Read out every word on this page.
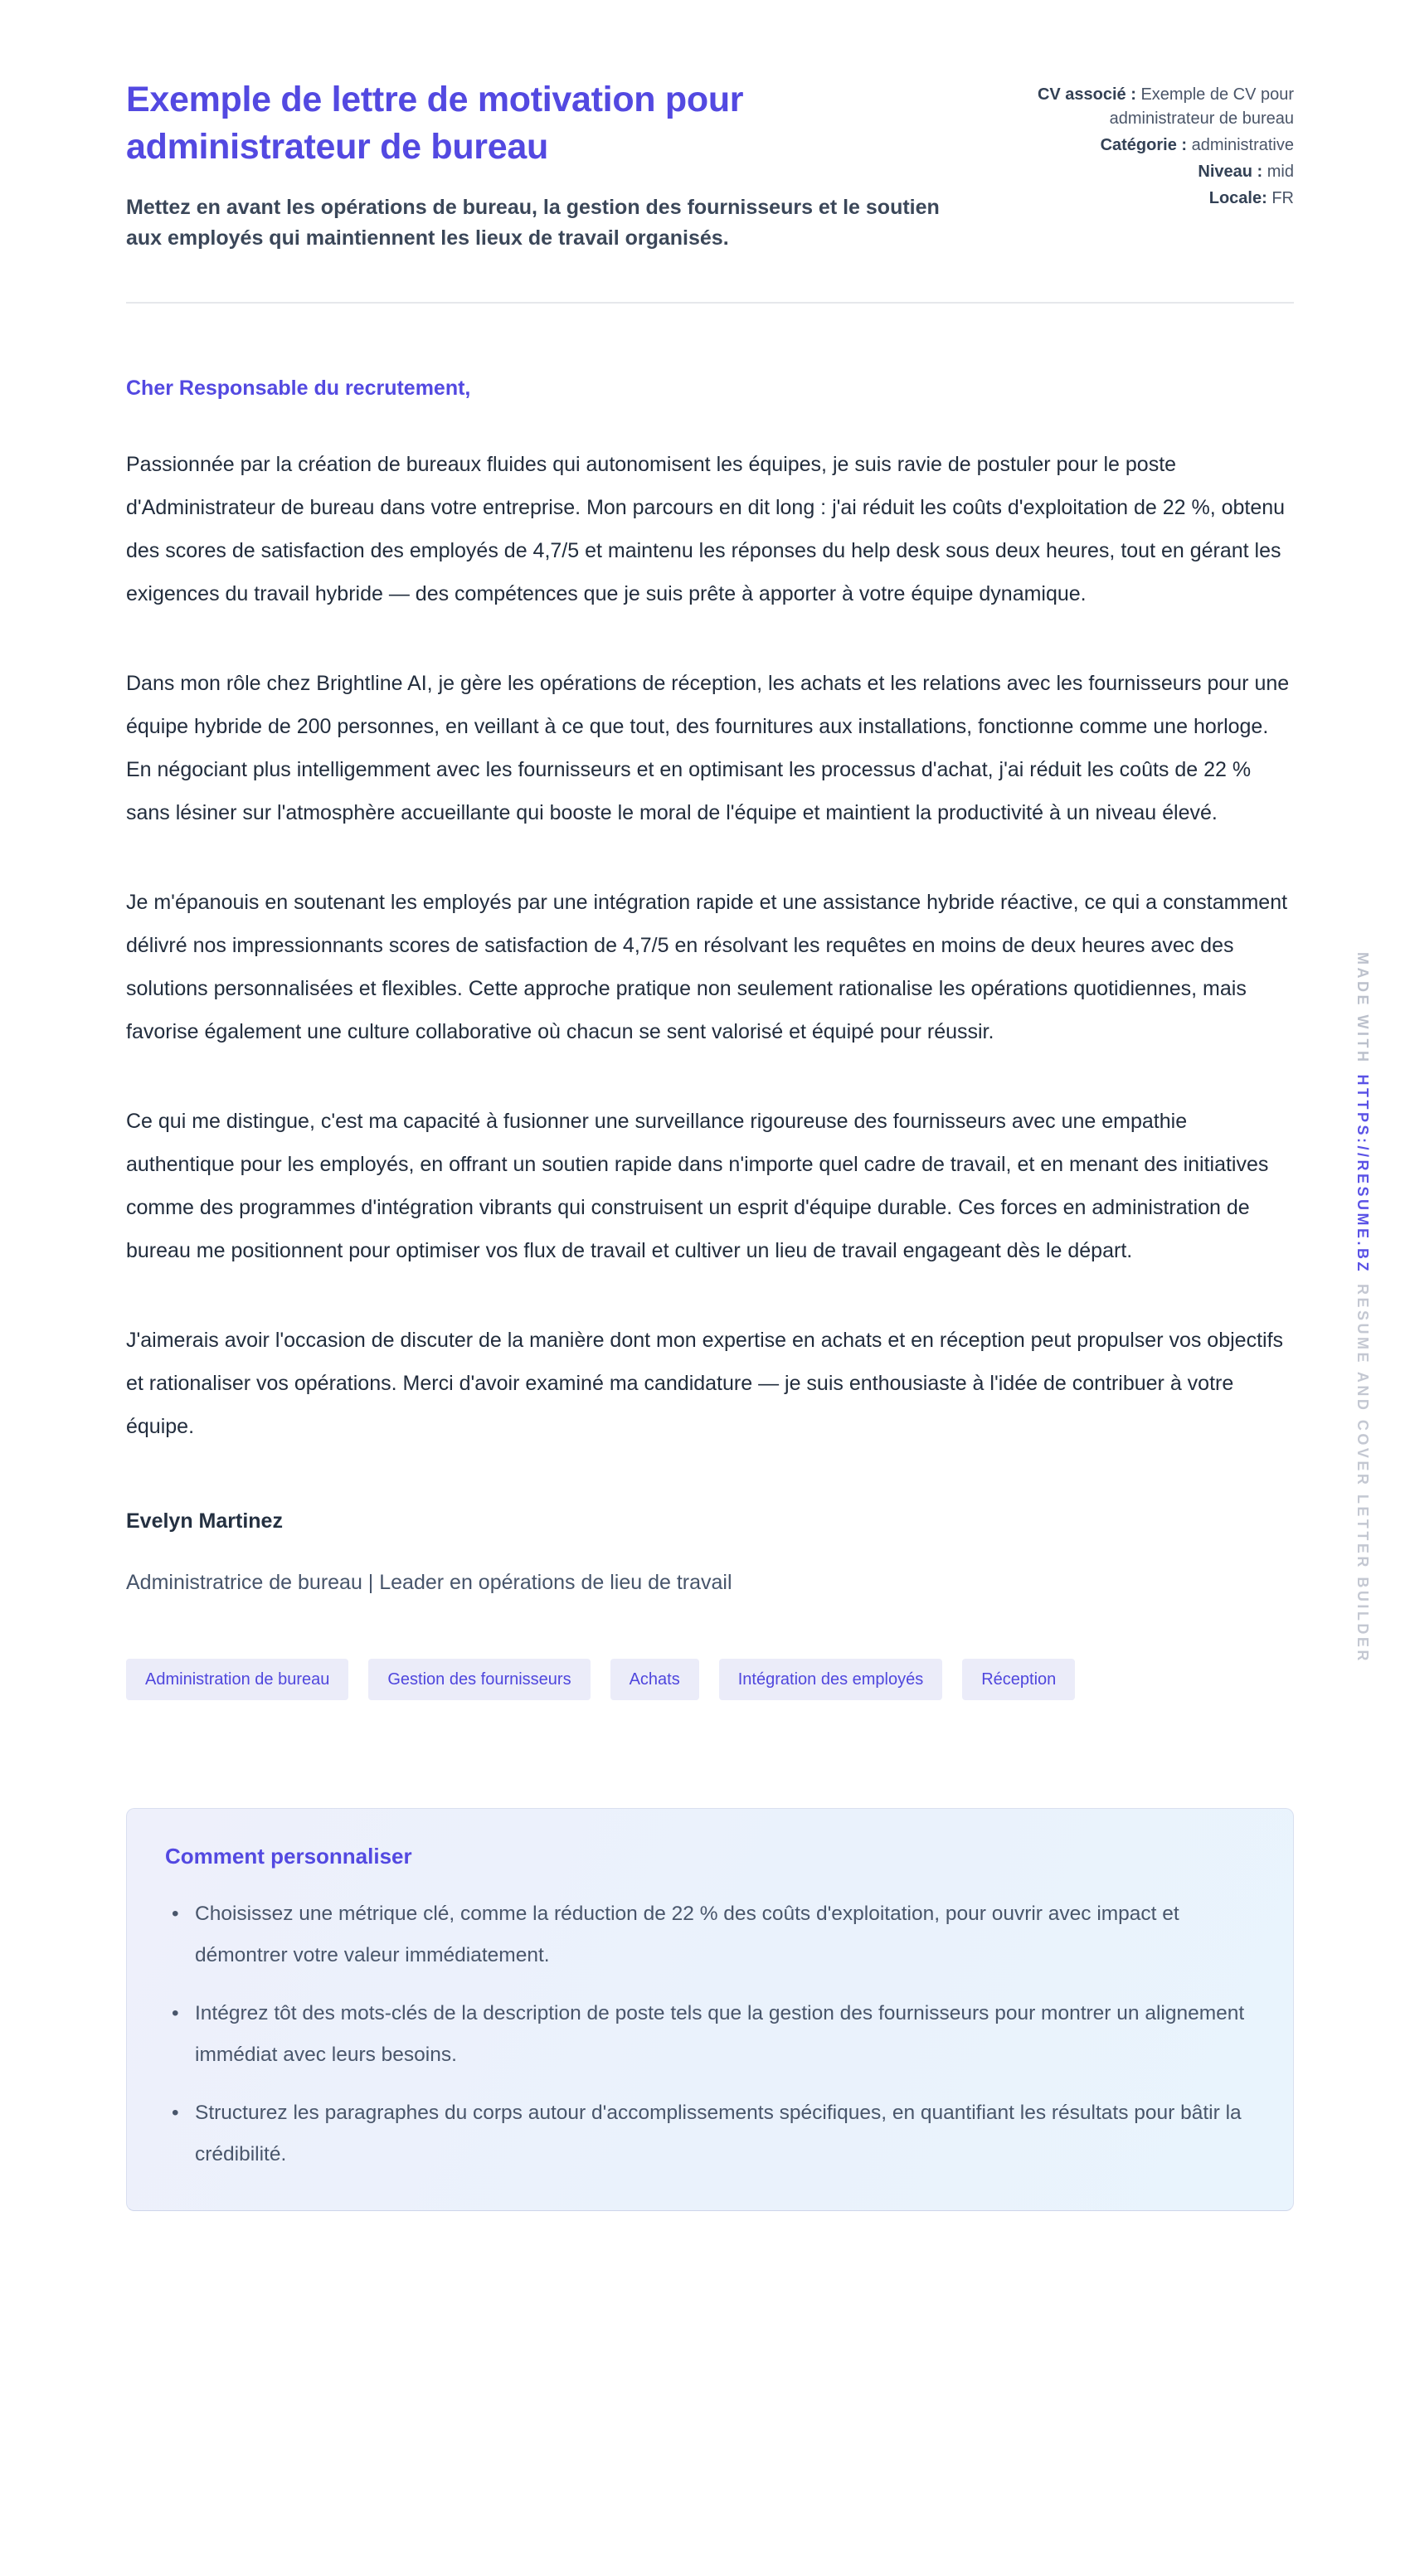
Exemple de lettre de motivation pour administrateur de bureau

Mettez en avant les opérations de bureau, la gestion des fournisseurs et le soutien aux employés qui maintiennent les lieux de travail organisés.

CV associé : Exemple de CV pour administrateur de bureau
Catégorie : administrative
Niveau : mid
Locale: FR

Cher Responsable du recrutement,

Passionnée par la création de bureaux fluides qui autonomisent les équipes, je suis ravie de postuler pour le poste d'Administrateur de bureau dans votre entreprise. Mon parcours en dit long : j'ai réduit les coûts d'exploitation de 22 %, obtenu des scores de satisfaction des employés de 4,7/5 et maintenu les réponses du help desk sous deux heures, tout en gérant les exigences du travail hybride — des compétences que je suis prête à apporter à votre équipe dynamique.

Dans mon rôle chez Brightline AI, je gère les opérations de réception, les achats et les relations avec les fournisseurs pour une équipe hybride de 200 personnes, en veillant à ce que tout, des fournitures aux installations, fonctionne comme une horloge. En négociant plus intelligemment avec les fournisseurs et en optimisant les processus d'achat, j'ai réduit les coûts de 22 % sans lésiner sur l'atmosphère accueillante qui booste le moral de l'équipe et maintient la productivité à un niveau élevé.

Je m'épanouis en soutenant les employés par une intégration rapide et une assistance hybride réactive, ce qui a constamment délivré nos impressionnants scores de satisfaction de 4,7/5 en résolvant les requêtes en moins de deux heures avec des solutions personnalisées et flexibles. Cette approche pratique non seulement rationalise les opérations quotidiennes, mais favorise également une culture collaborative où chacun se sent valorisé et équipé pour réussir.

Ce qui me distingue, c'est ma capacité à fusionner une surveillance rigoureuse des fournisseurs avec une empathie authentique pour les employés, en offrant un soutien rapide dans n'importe quel cadre de travail, et en menant des initiatives comme des programmes d'intégration vibrants qui construisent un esprit d'équipe durable. Ces forces en administration de bureau me positionnent pour optimiser vos flux de travail et cultiver un lieu de travail engageant dès le départ.

J'aimerais avoir l'occasion de discuter de la manière dont mon expertise en achats et en réception peut propulser vos objectifs et rationaliser vos opérations. Merci d'avoir examiné ma candidature — je suis enthousiaste à l'idée de contribuer à votre équipe.

Evelyn Martinez

Administratrice de bureau | Leader en opérations de lieu de travail

Administration de bureau	Gestion des fournisseurs	Achats	Intégration des employés	Réception
Comment personnaliser
• Choisissez une métrique clé, comme la réduction de 22 % des coûts d'exploitation, pour ouvrir avec impact et démontrer votre valeur immédiatement.
• Intégrez tôt des mots-clés de la description de poste tels que la gestion des fournisseurs pour montrer un alignement immédiat avec leurs besoins.
• Structurez les paragraphes du corps autour d'accomplissements spécifiques, en quantifiant les résultats pour bâtir la crédibilité.
MADE WITHHTTPS://RESUME.BZRESUME AND COVER LETTER BUILDER
